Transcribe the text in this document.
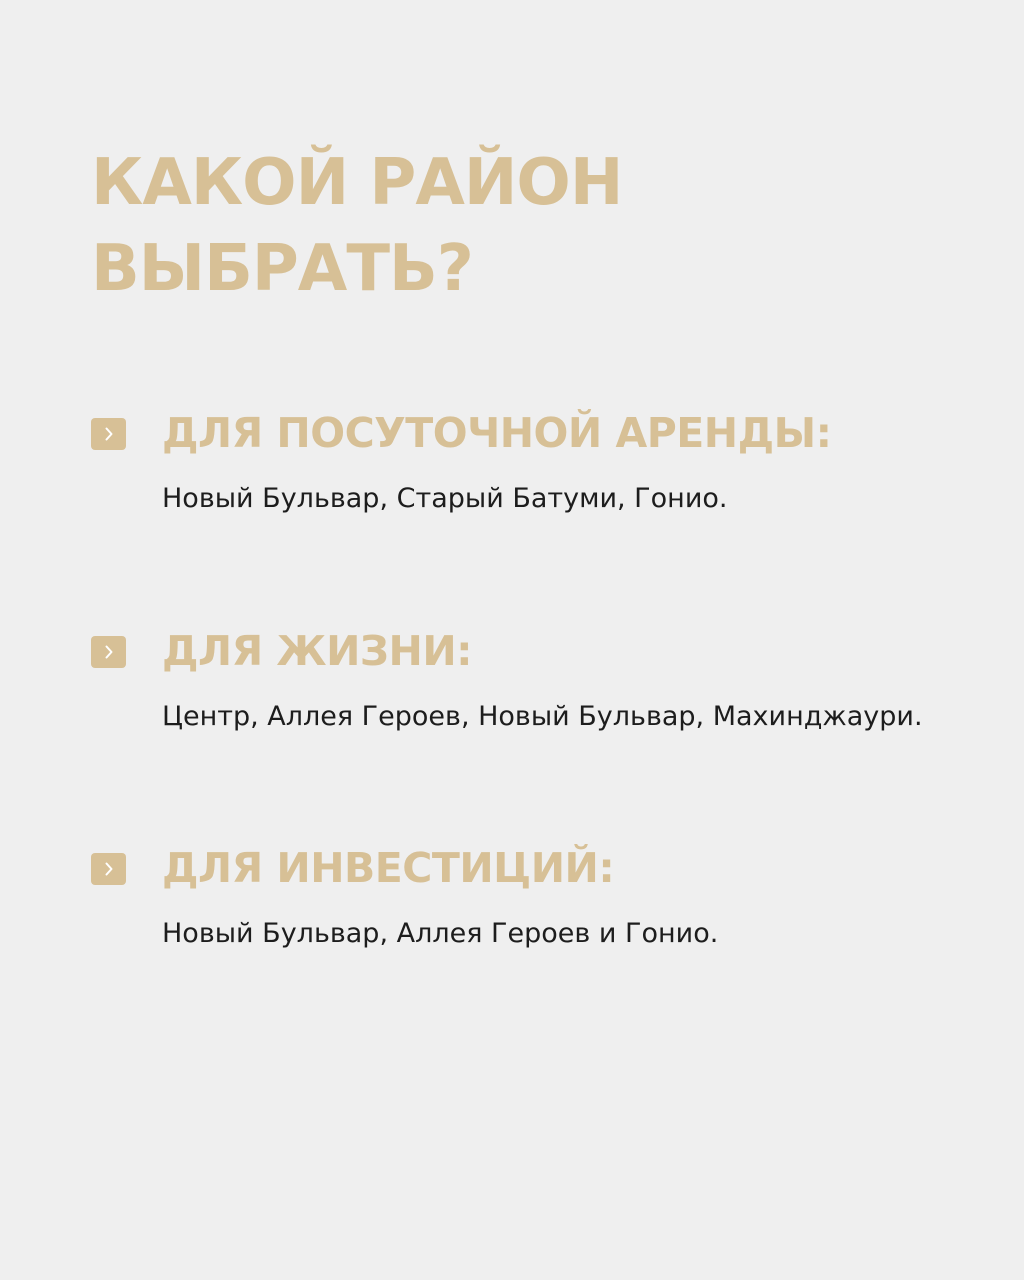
КАКОЙ РАЙОН
ВЫБРАТЬ?
ДЛЯ ПОСУТОЧНОЙ АРЕНДЫ:

Новый Бульвар, Старый Батуми, Гонио.

ДЛЯ ЖИЗНИ:

Центр, Аллея Героев, Новый Бульвар, Махинджаури.

ДЛЯ ИНВЕСТИЦИЙ:

Новый Бульвар, Аллея Героев и Гонио.
